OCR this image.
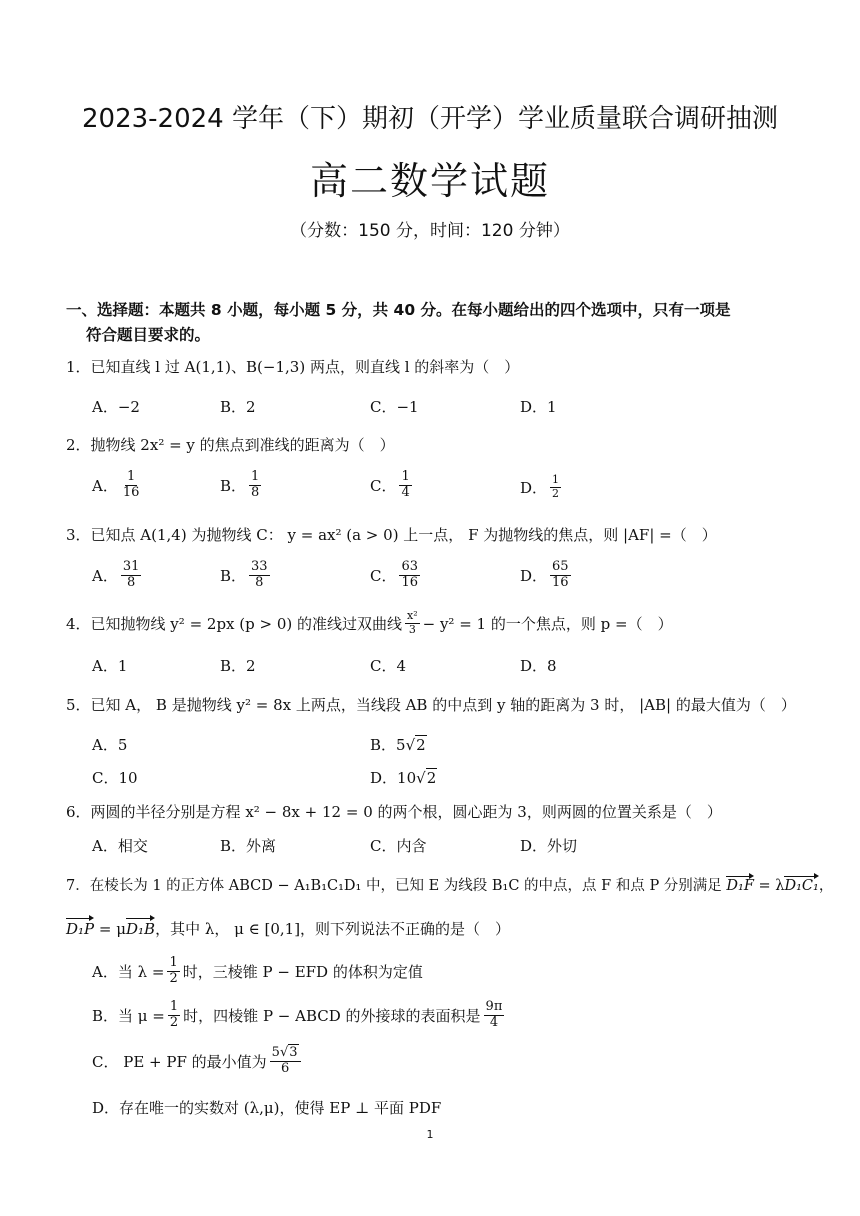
2023-2024 学年（下）期初（开学）学业质量联合调研抽测
高二数学试题
（分数：150 分，时间：120 分钟）
一、选择题：本题共 8 小题，每小题 5 分，共 40 分。在每小题给出的四个选项中，只有一项是
符合题目要求的。
1．已知直线 l 过 A(1,1)、B(−1,3) 两点，则直线 l 的斜率为（　）
A．−2	B．2	C．−1	D．1
2．抛物线 2x² = y 的焦点到准线的距离为（　）
A． $\frac{1}{16}$	B． $\frac{1}{8}$	C． $\frac{1}{4}$	D． $\frac{1}{2}$
3．已知点 A(1,4) 为抛物线 C： y = ax² (a > 0) 上一点， F 为抛物线的焦点，则 |AF| =（　）
A． $\frac{31}{8}$	B． $\frac{33}{8}$	C． $\frac{63}{16}$	D． $\frac{65}{16}$
4．已知抛物线 y² = 2px (p > 0) 的准线过双曲线 $\frac{\text{x²}}{3} - y^2 = 1$ 的一个焦点，则 p =（　）
A．1	B．2	C．4	D．8
5．已知 A， B 是抛物线 y² = 8x 上两点，当线段 AB 的中点到 y 轴的距离为 3 时， |AB| 的最大值为（　）
A．5	B． 5 √2
C．10	D． 10 √2
6．两圆的半径分别是方程 x² − 8x + 12 = 0 的两个根，圆心距为 3，则两圆的位置关系是（　）
A．相交	B．外离	C．内含	D．外切
7．在棱长为 1 的正方体 ABCD − A₁B₁C₁D₁ 中，已知 E 为线段 B₁C 的中点，点 F 和点 P 分别满足 D₁F = λD₁C₁，
D₁P = μD₁B，其中 λ， μ ∈ [0,1]，则下列说法不正确的是（　）
A．当 $\lambda = \frac{1}{2}$ 时，三棱锥 P − EFD 的体积为定值
B．当 $\mu = \frac{1}{2}$ 时，四棱锥 P − ABCD 的外接球的表面积是 $\frac{9\pi}{4}$
C． PE + PF 的最小值为 $\frac{5√3}{6}$
D．存在唯一的实数对 (λ,μ)，使得 EP ⊥ 平面 PDF
1
